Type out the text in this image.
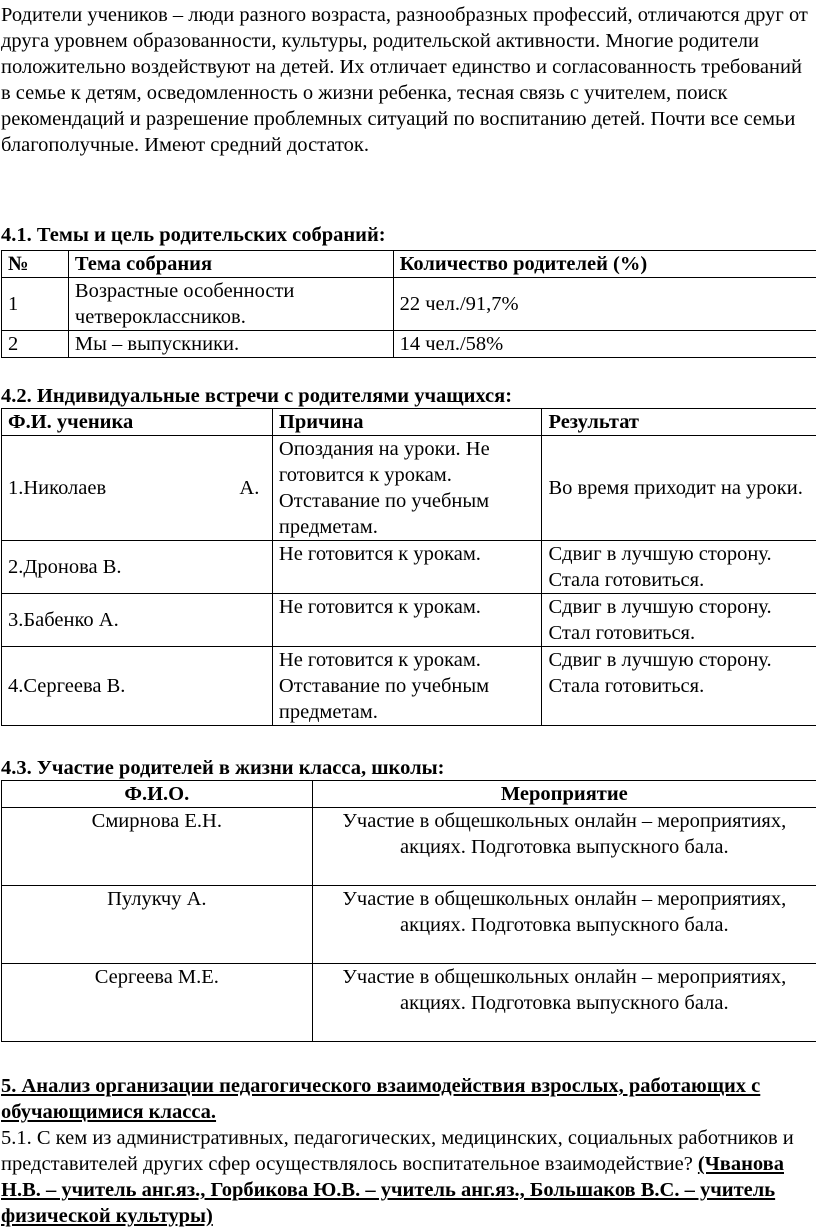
Родители учеников – люди разного возраста, разнообразных профессий, отличаются друг от друга уровнем образованности, культуры, родительской активности. Многие родители положительно воздействуют на детей. Их отличает единство и согласованность требований в семье к детям, осведомленность о жизни ребенка, тесная связь с учителем, поиск рекомендаций и разрешение проблемных ситуаций по воспитанию детей. Почти все семьи благополучные. Имеют средний достаток.

4.1. Темы и цель родительских собраний:

№	Тема собрания	Количество родителей (%)
1	Возрастные особенности четвероклассников.	22 чел./91,7%
2	Мы – выпускники.	14 чел./58%

4.2. Индивидуальные встречи с родителями учащихся:

Ф.И. ученика	Причина	Результат
1.Николаев                          А.	Опоздания на уроки. Не готовится к урокам. Отставание по учебным предметам.	Во время приходит на уроки.
2.Дронова В.	Не готовится к урокам.	Сдвиг в лучшую сторону. Стала готовиться.
3.Бабенко А.	Не готовится к урокам.	Сдвиг в лучшую сторону. Стал готовиться.
4.Сергеева В.	Не готовится к урокам. Отставание по учебным предметам.	Сдвиг в лучшую сторону. Стала готовиться.

4.3. Участие родителей в жизни класса, школы:

Ф.И.О.	Мероприятие
Смирнова Е.Н.	Участие в общешкольных онлайн – мероприятиях, акциях. Подготовка выпускного бала.
Пулукчу А.	Участие в общешкольных онлайн – мероприятиях, акциях. Подготовка выпускного бала.
Сергеева М.Е.	Участие в общешкольных онлайн – мероприятиях, акциях. Подготовка выпускного бала.
5. Анализ организации педагогического взаимодействия взрослых, работающих с обучающимися класса.
5.1. С кем из административных, педагогических, медицинских, социальных работников и представителей других сфер осуществлялось воспитательное взаимодействие? (Чванова Н.В. – учитель анг.яз., Горбикова Ю.В. – учитель анг.яз., Большаков В.С. – учитель физической культуры)
